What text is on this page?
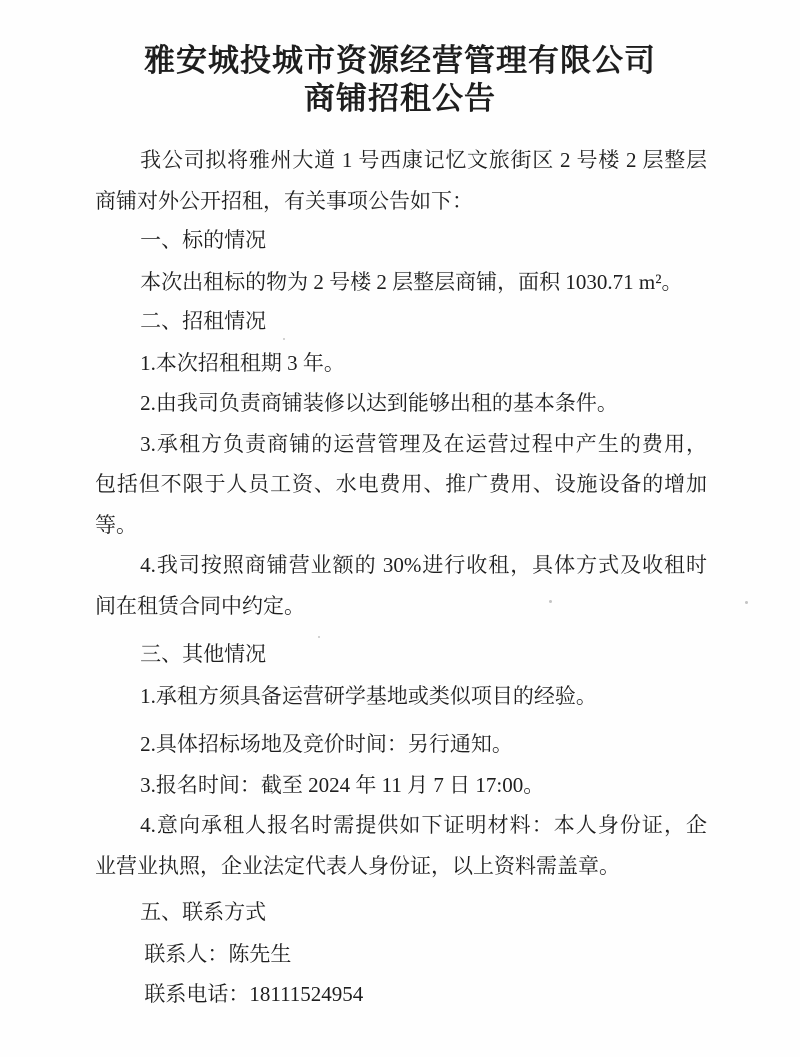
雅安城投城市资源经营管理有限公司
商铺招租公告

我公司拟将雅州大道 1 号西康记忆文旅街区 2 号楼 2 层整层

商铺对外公开招租，有关事项公告如下：

一、标的情况

本次出租标的物为 2 号楼 2 层整层商铺，面积 1030.71 m²。

二、招租情况

1.本次招租租期 3 年。

2.由我司负责商铺装修以达到能够出租的基本条件。

3.承租方负责商铺的运营管理及在运营过程中产生的费用，

包括但不限于人员工资、水电费用、推广费用、设施设备的增加

等。

4.我司按照商铺营业额的 30%进行收租，具体方式及收租时

间在租赁合同中约定。

三、其他情况

1.承租方须具备运营研学基地或类似项目的经验。

2.具体招标场地及竞价时间：另行通知。

3.报名时间：截至 2024 年 11 月 7 日 17:00。

4.意向承租人报名时需提供如下证明材料：本人身份证，企

业营业执照，企业法定代表人身份证，以上资料需盖章。

五、联系方式

联系人：陈先生

联系电话：18111524954
